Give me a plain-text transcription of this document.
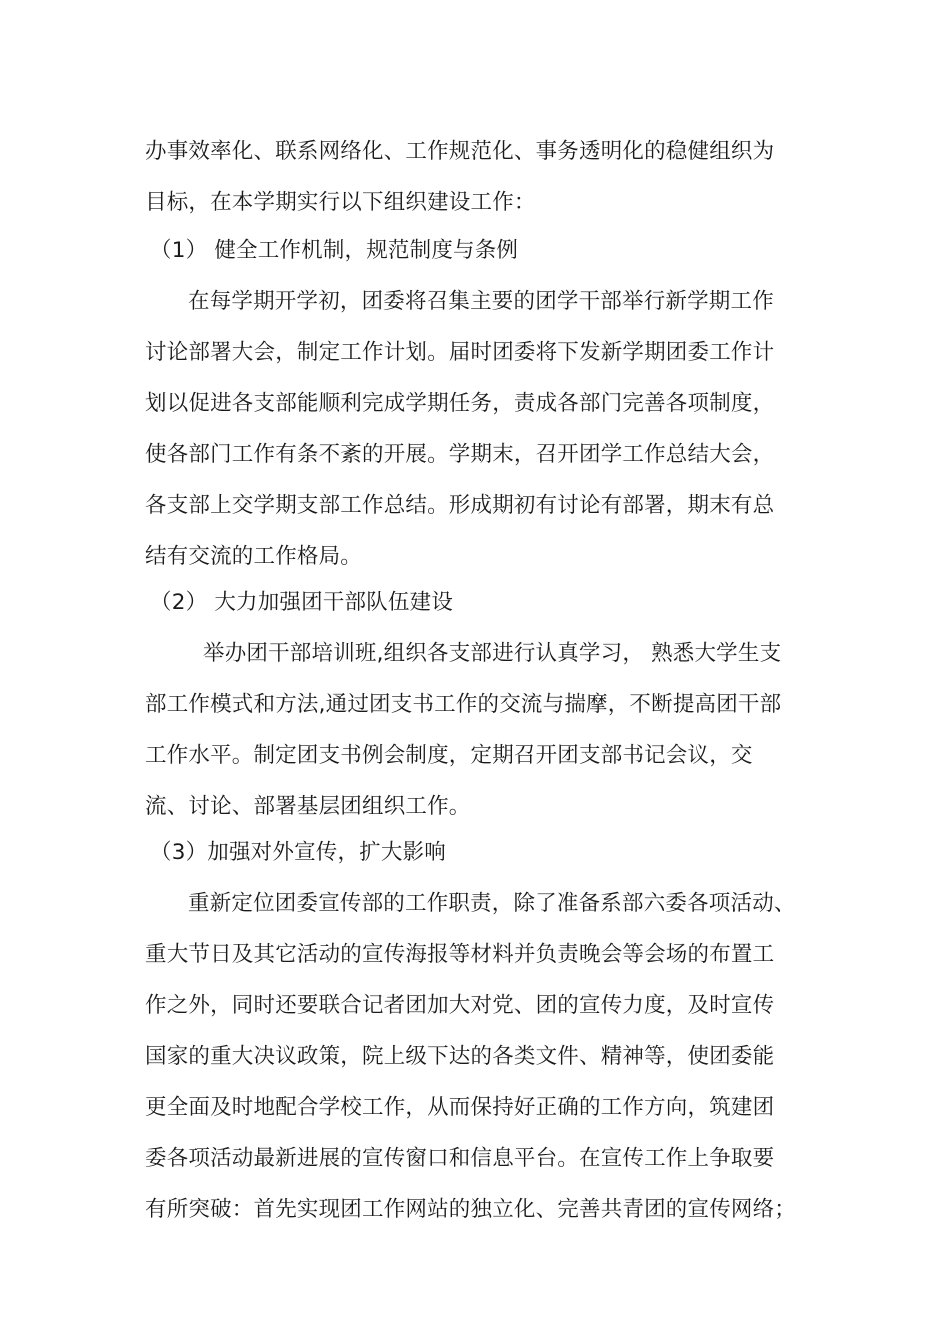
办事效率化、联系网络化、工作规范化、事务透明化的稳健组织为
目标，在本学期实行以下组织建设工作：
（1） 健全工作机制，规范制度与条例
在每学期开学初，团委将召集主要的团学干部举行新学期工作
讨论部署大会，制定工作计划。届时团委将下发新学期团委工作计
划以促进各支部能顺利完成学期任务，责成各部门完善各项制度，
使各部门工作有条不紊的开展。学期末，召开团学工作总结大会，
各支部上交学期支部工作总结。形成期初有讨论有部署，期末有总
结有交流的工作格局。
（2） 大力加强团干部队伍建设
举办团干部培训班,组织各支部进行认真学习， 熟悉大学生支
部工作模式和方法,通过团支书工作的交流与揣摩，不断提高团干部
工作水平。制定团支书例会制度，定期召开团支部书记会议，交
流、讨论、部署基层团组织工作。
（3）加强对外宣传，扩大影响
重新定位团委宣传部的工作职责，除了准备系部六委各项活动、
重大节日及其它活动的宣传海报等材料并负责晚会等会场的布置工
作之外，同时还要联合记者团加大对党、团的宣传力度，及时宣传
国家的重大决议政策，院上级下达的各类文件、精神等，使团委能
更全面及时地配合学校工作，从而保持好正确的工作方向，筑建团
委各项活动最新进展的宣传窗口和信息平台。在宣传工作上争取要
有所突破：首先实现团工作网站的独立化、完善共青团的宣传网络；
